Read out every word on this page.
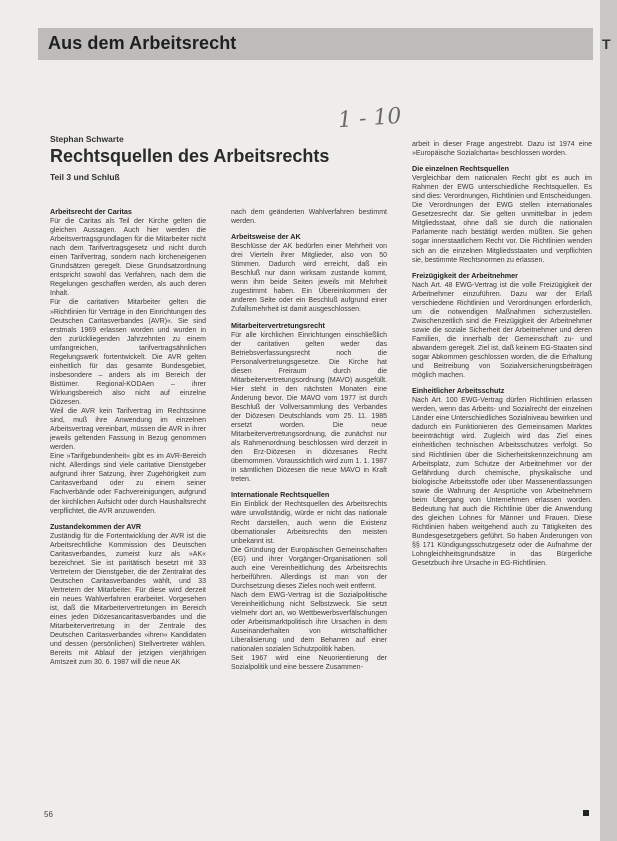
Aus dem Arbeitsrecht	T
1 - 10
Stephan Schwarte
Rechtsquellen des Arbeitsrechts
Teil 3 und Schluß
Arbeitsrecht der Caritas

Für die Caritas als Teil der Kirche gelten die gleichen Aussagen. Auch hier werden die Arbeitsvertragsgrundlagen für die Mitarbeiter nicht nach dem Tarifvertragsgesetz und nicht durch einen Tarifvertrag, sondern nach kircheneigenen Grundsätzen geregelt. Diese Grundsatzordnung entspricht sowohl das Verfahren, nach dem die Regelungen geschaffen werden, als auch deren Inhalt.

Für die caritativen Mitarbeiter gelten die »Richtlinien für Verträge in den Einrichtungen des Deutschen Caritasverbandes (AVR)«. Sie sind erstmals 1969 erlassen worden und wurden in den zurückliegenden Jahrzehnten zu einem umfangreichen, tarifvertragsähnlichen Regelungswerk fortentwickelt. Die AVR gelten einheitlich für das gesamte Bundesgebiet, insbesondere – anders als im Bereich der Bistümer. Regional-KODAen – ihrer Wirkungsbereich also nicht auf einzelne Diözesen.

Weil die AVR kein Tarifvertrag im Rechtssinne sind, muß ihre Anwendung im einzelnen Arbeitsvertrag vereinbart, müssen die AVR in ihrer jeweils geltenden Fassung in Bezug genommen werden.

Eine »Tarifgebundenheit« gibt es im AVR-Bereich nicht. Allerdings sind viele caritative Dienstgeber aufgrund ihrer Satzung, ihrer Zugehörigkeit zum Caritasverband oder zu einem seiner Fachverbände oder Fachvereinigungen, aufgrund der kirchlichen Aufsicht oder durch Haushaltsrecht verpflichtet, die AVR anzuwenden.

Zustandekommen der AVR

Zuständig für die Fortentwicklung der AVR ist die Arbeitsrechtliche Kommission des Deutschen Caritasverbandes, zumeist kurz als »AK« bezeichnet. Sie ist paritätisch besetzt mit 33 Vertretern der Dienstgeber, die der Zentralrat des Deutschen Caritasverbandes wählt, und 33 Vertretern der Mitarbeiter. Für diese wird derzeit ein neues Wahlverfahren erarbeitet. Vorgesehen ist, daß die Mitarbeitervertretungen im Bereich eines jeden Diözesancaritasverbandes und die Mitarbeitervertretung in der Zentrale des Deutschen Caritasverbandes »ihren« Kandidaten und dessen (persönlichen) Stellvertreter wählen. Bereits mit Ablauf der jetzigen vierjährigen Amtszeit zum 30. 6. 1987 will die neue AK

nach dem geänderten Wahlverfahren bestimmt werden.

Arbeitsweise der AK

Beschlüsse der AK bedürfen einer Mehrheit von drei Vierteln ihrer Mitglieder, also von 50 Stimmen. Dadurch wird erreicht, daß ein Beschluß nur dann wirksam zustande kommt, wenn ihm beide Seiten jeweils mit Mehrheit zugestimmt haben. Ein Übereinkommen der anderen Seite oder ein Beschluß aufgrund einer Zufallsmehrheit ist damit ausgeschlossen.

Mitarbeitervertretungsrecht

Für alle kirchlichen Einrichtungen einschließlich der caritativen gelten weder das Betriebsverfassungsrecht noch die Personalvertretungsgesetze. Die Kirche hat diesen Freiraum durch die Mitarbeitervertretungsordnung (MAVO) ausgefüllt. Hier steht in den nächsten Monaten eine Änderung bevor. Die MAVO vom 1977 ist durch Beschluß der Vollversammlung des Verbandes der Diözesen Deutschlands vom 25. 11. 1985 ersetzt worden. Die neue Mitarbeitervertretungsordnung, die zunächst nur als Rahmenordnung beschlossen wird derzeit in den Erz-Diözesen in diözesanes Recht übernommen. Voraussichtlich wird zum 1. 1. 1987 in sämtlichen Diözesen die neue MAVO in Kraft treten.

Internationale Rechtsquellen

Ein Einblick der Rechtsquellen des Arbeitsrechts wäre unvollständig, würde er nicht das nationale Recht darstellen, auch wenn die Existenz übernationaler Arbeitsrechts den meisten unbekannt ist.

Die Gründung der Europäischen Gemeinschaften (EG) und ihrer Vorgänger-Organisationen soll auch eine Vereinheitlichung des Arbeitsrechts herbeiführen. Allerdings ist man von der Durchsetzung dieses Zieles noch weit entfernt.

Nach dem EWG-Vertrag ist die Sozialpolitische Vereinheitlichung nicht Selbstzweck. Sie setzt vielmehr dort an, wo Wettbewerbsverfälschungen oder Arbeitsmarktpolitisch ihre Ursachen in dem Auseinanderhalten von wirtschaftlicher Liberalisierung und dem Beharren auf einer nationalen sozialen Schutzpolitik haben.

Seit 1967 wird eine Neuorientierung der Sozialpolitik und eine bessere Zusammen-

arbeit in dieser Frage angestrebt. Dazu ist 1974 eine »Europäische Sozialcharta« beschlossen worden.

Die einzelnen Rechtsquellen

Vergleichbar dem nationalen Recht gibt es auch im Rahmen der EWG unterschiedliche Rechtsquellen. Es sind dies: Verordnungen, Richtlinien und Entscheidungen. Die Verordnungen der EWG stellen internationales Gesetzesrecht dar. Sie gelten unmittelbar in jedem Mitgliedsstaat, ohne daß sie durch die nationalen Parlamente nach bestätigt werden müßten. Sie gehen sogar innerstaatlichem Recht vor. Die Richtlinien wenden sich an die einzelnen Mitgliedsstaaten und verpflichten sie, bestimmte Rechtsnormen zu erlassen.

Freizügigkeit der Arbeitnehmer

Nach Art. 48 EWG-Vertrag ist die volle Freizügigkeit der Arbeitnehmer einzuführen. Dazu war der Erlaß verschiedene Richtlinien und Verordnungen erforderlich, um die notwendigen Maßnahmen sicherzustellen. Zwischenzeitlich sind die Freizügigkeit der Arbeitnehmer sowie die soziale Sicherheit der Arbeitnehmer und deren Familien, die innerhalb der Gemeinschaft zu- und abwandern geregelt. Ziel ist, daß keinem EG-Staaten sind sogar Abkommen geschlossen worden, die die Erhaltung und Beitreibung von Sozialversicherungsbeiträgen möglich machen.

Einheitlicher Arbeitsschutz

Nach Art. 100 EWG-Vertrag dürfen Richtlinien erlassen werden, wenn das Arbeits- und Sozialrecht der einzelnen Länder eine Unterschiedliches Sozialniveau bewirken und dadurch ein Funktionieren des Gemeinsamen Marktes beeinträchtigt wird. Zugleich wird das Ziel eines einheitlichen technischen Arbeitsschutzes verfolgt. So sind Richtlinien über die Sicherheitskennzeichnung am Arbeitsplatz, zum Schutze der Arbeitnehmer vor der Gefährdung durch chemische, physikalische und biologische Arbeitsstoffe oder über Massenentlassungen sowie die Wahrung der Ansprüche von Arbeitnehmern beim Übergang von Unternehmen erlassen worden. Bedeutung hat auch die Richtlinie über die Anwendung des gleichen Lohnes für Männer und Frauen. Diese Richtlinien haben weitgehend auch zu Tätigkeiten des Bundesgesetzgebers geführt. So haben Änderungen von §§ 171 Kündigungsschutzgesetz oder die Aufnahme der Lohngleichheitsgrundsätze in das Bürgerliche Gesetzbuch ihre Ursache in EG-Richtlinien.

56
